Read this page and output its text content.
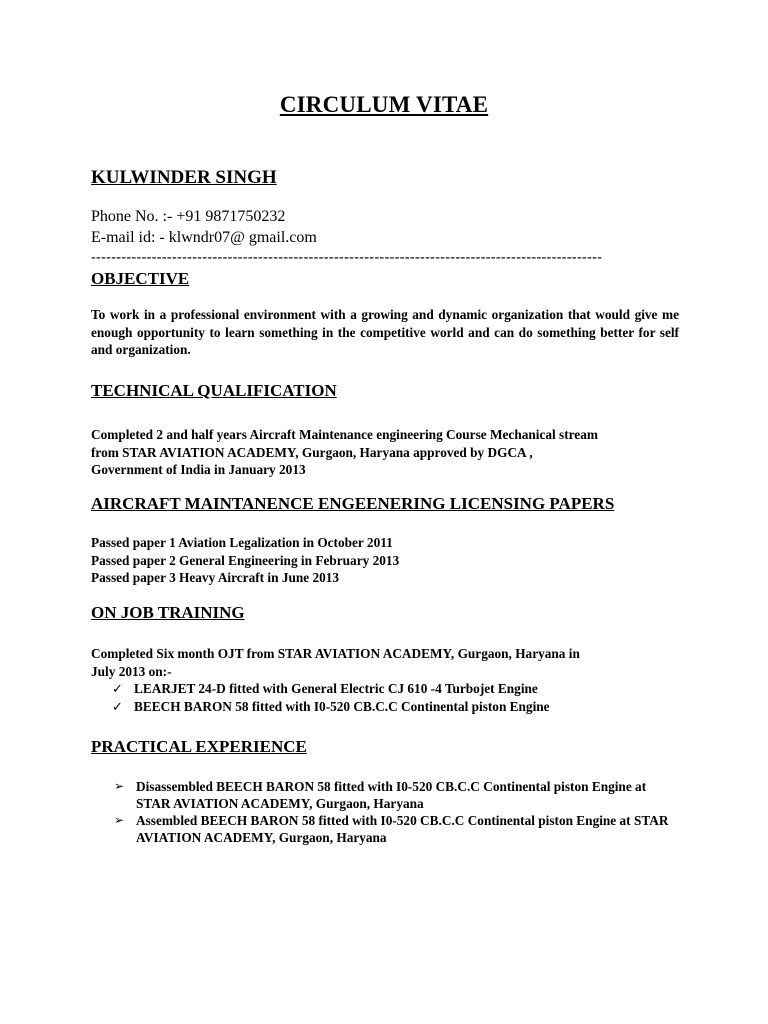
CIRCULUM VITAE
KULWINDER SINGH
Phone No. :- +91 9871750232
E-mail id: - klwndr07@ gmail.com
-----------------------------------------------------------------------------------------------------
OBJECTIVE
To work in a professional environment with a growing and dynamic organization that would give me enough opportunity to learn something in the competitive world and can do something better for self and organization.
TECHNICAL QUALIFICATION
Completed 2 and half years Aircraft Maintenance engineering Course Mechanical stream
from STAR AVIATION ACADEMY, Gurgaon, Haryana approved by DGCA ,
Government of India in January 2013
AIRCRAFT MAINTANENCE ENGEENERING LICENSING PAPERS
Passed paper 1 Aviation Legalization in October 2011
Passed paper 2 General Engineering in February 2013
Passed paper 3 Heavy Aircraft in June 2013
ON JOB TRAINING
Completed Six month OJT from STAR AVIATION ACADEMY, Gurgaon, Haryana in
July 2013 on:-
✓ LEARJET 24-D fitted with General Electric CJ 610 -4 Turbojet Engine
✓ BEECH BARON 58 fitted with I0-520 CB.C.C Continental piston Engine
PRACTICAL EXPERIENCE
➢ Disassembled BEECH BARON 58 fitted with I0-520 CB.C.C Continental piston Engine at STAR AVIATION ACADEMY, Gurgaon, Haryana
➢ Assembled BEECH BARON 58 fitted with I0-520 CB.C.C Continental piston Engine at STAR AVIATION ACADEMY, Gurgaon, Haryana
